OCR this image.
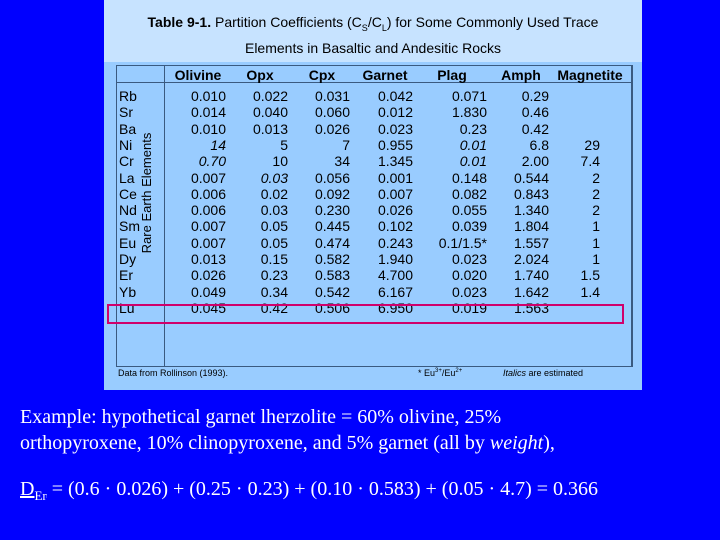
Table 9-1. Partition Coefficients $(C_S/C_L)$ for Some Commonly Used Trace
Elements in Basaltic and Andesitic Rocks
Olivine	Opx	Cpx	Garnet	Plag	Amph	Magnetite
Rb	0.010	0.022	0.031	0.042	0.071	0.29
Sr	0.014	0.040	0.060	0.012	1.830	0.46
Ba	0.010	0.013	0.026	0.023	0.23	0.42
Ni	14	5	7	0.955	0.01	6.8	29
Cr	0.70	10	34	1.345	0.01	2.00	7.4
La	0.007	0.03	0.056	0.001	0.148	0.544	2
Ce	0.006	0.02	0.092	0.007	0.082	0.843	2
Nd	0.006	0.03	0.230	0.026	0.055	1.340	2
Sm	0.007	0.05	0.445	0.102	0.039	1.804	1
Eu	0.007	0.05	0.474	0.243	0.1/1.5*	1.557	1
Dy	0.013	0.15	0.582	1.940	0.023	2.024	1
Er	0.026	0.23	0.583	4.700	0.020	1.740	1.5
Yb	0.049	0.34	0.542	6.167	0.023	1.642	1.4
Lu	0.045	0.42	0.506	6.950	0.019	1.563
Rare Earth Elements
Data from Rollinson (1993).	* $Eu^{3+}/Eu^{2+}$	Italics are estimated
Example: hypothetical garnet lherzolite = 60% olivine, 25%
orthopyroxene, 10% clinopyroxene, and 5% garnet (all by weight),
$D_{Er} = (0.6 \cdot 0.026) + (0.25 \cdot 0.23) + (0.10 \cdot 0.583) + (0.05 \cdot 4.7) = 0.366$
